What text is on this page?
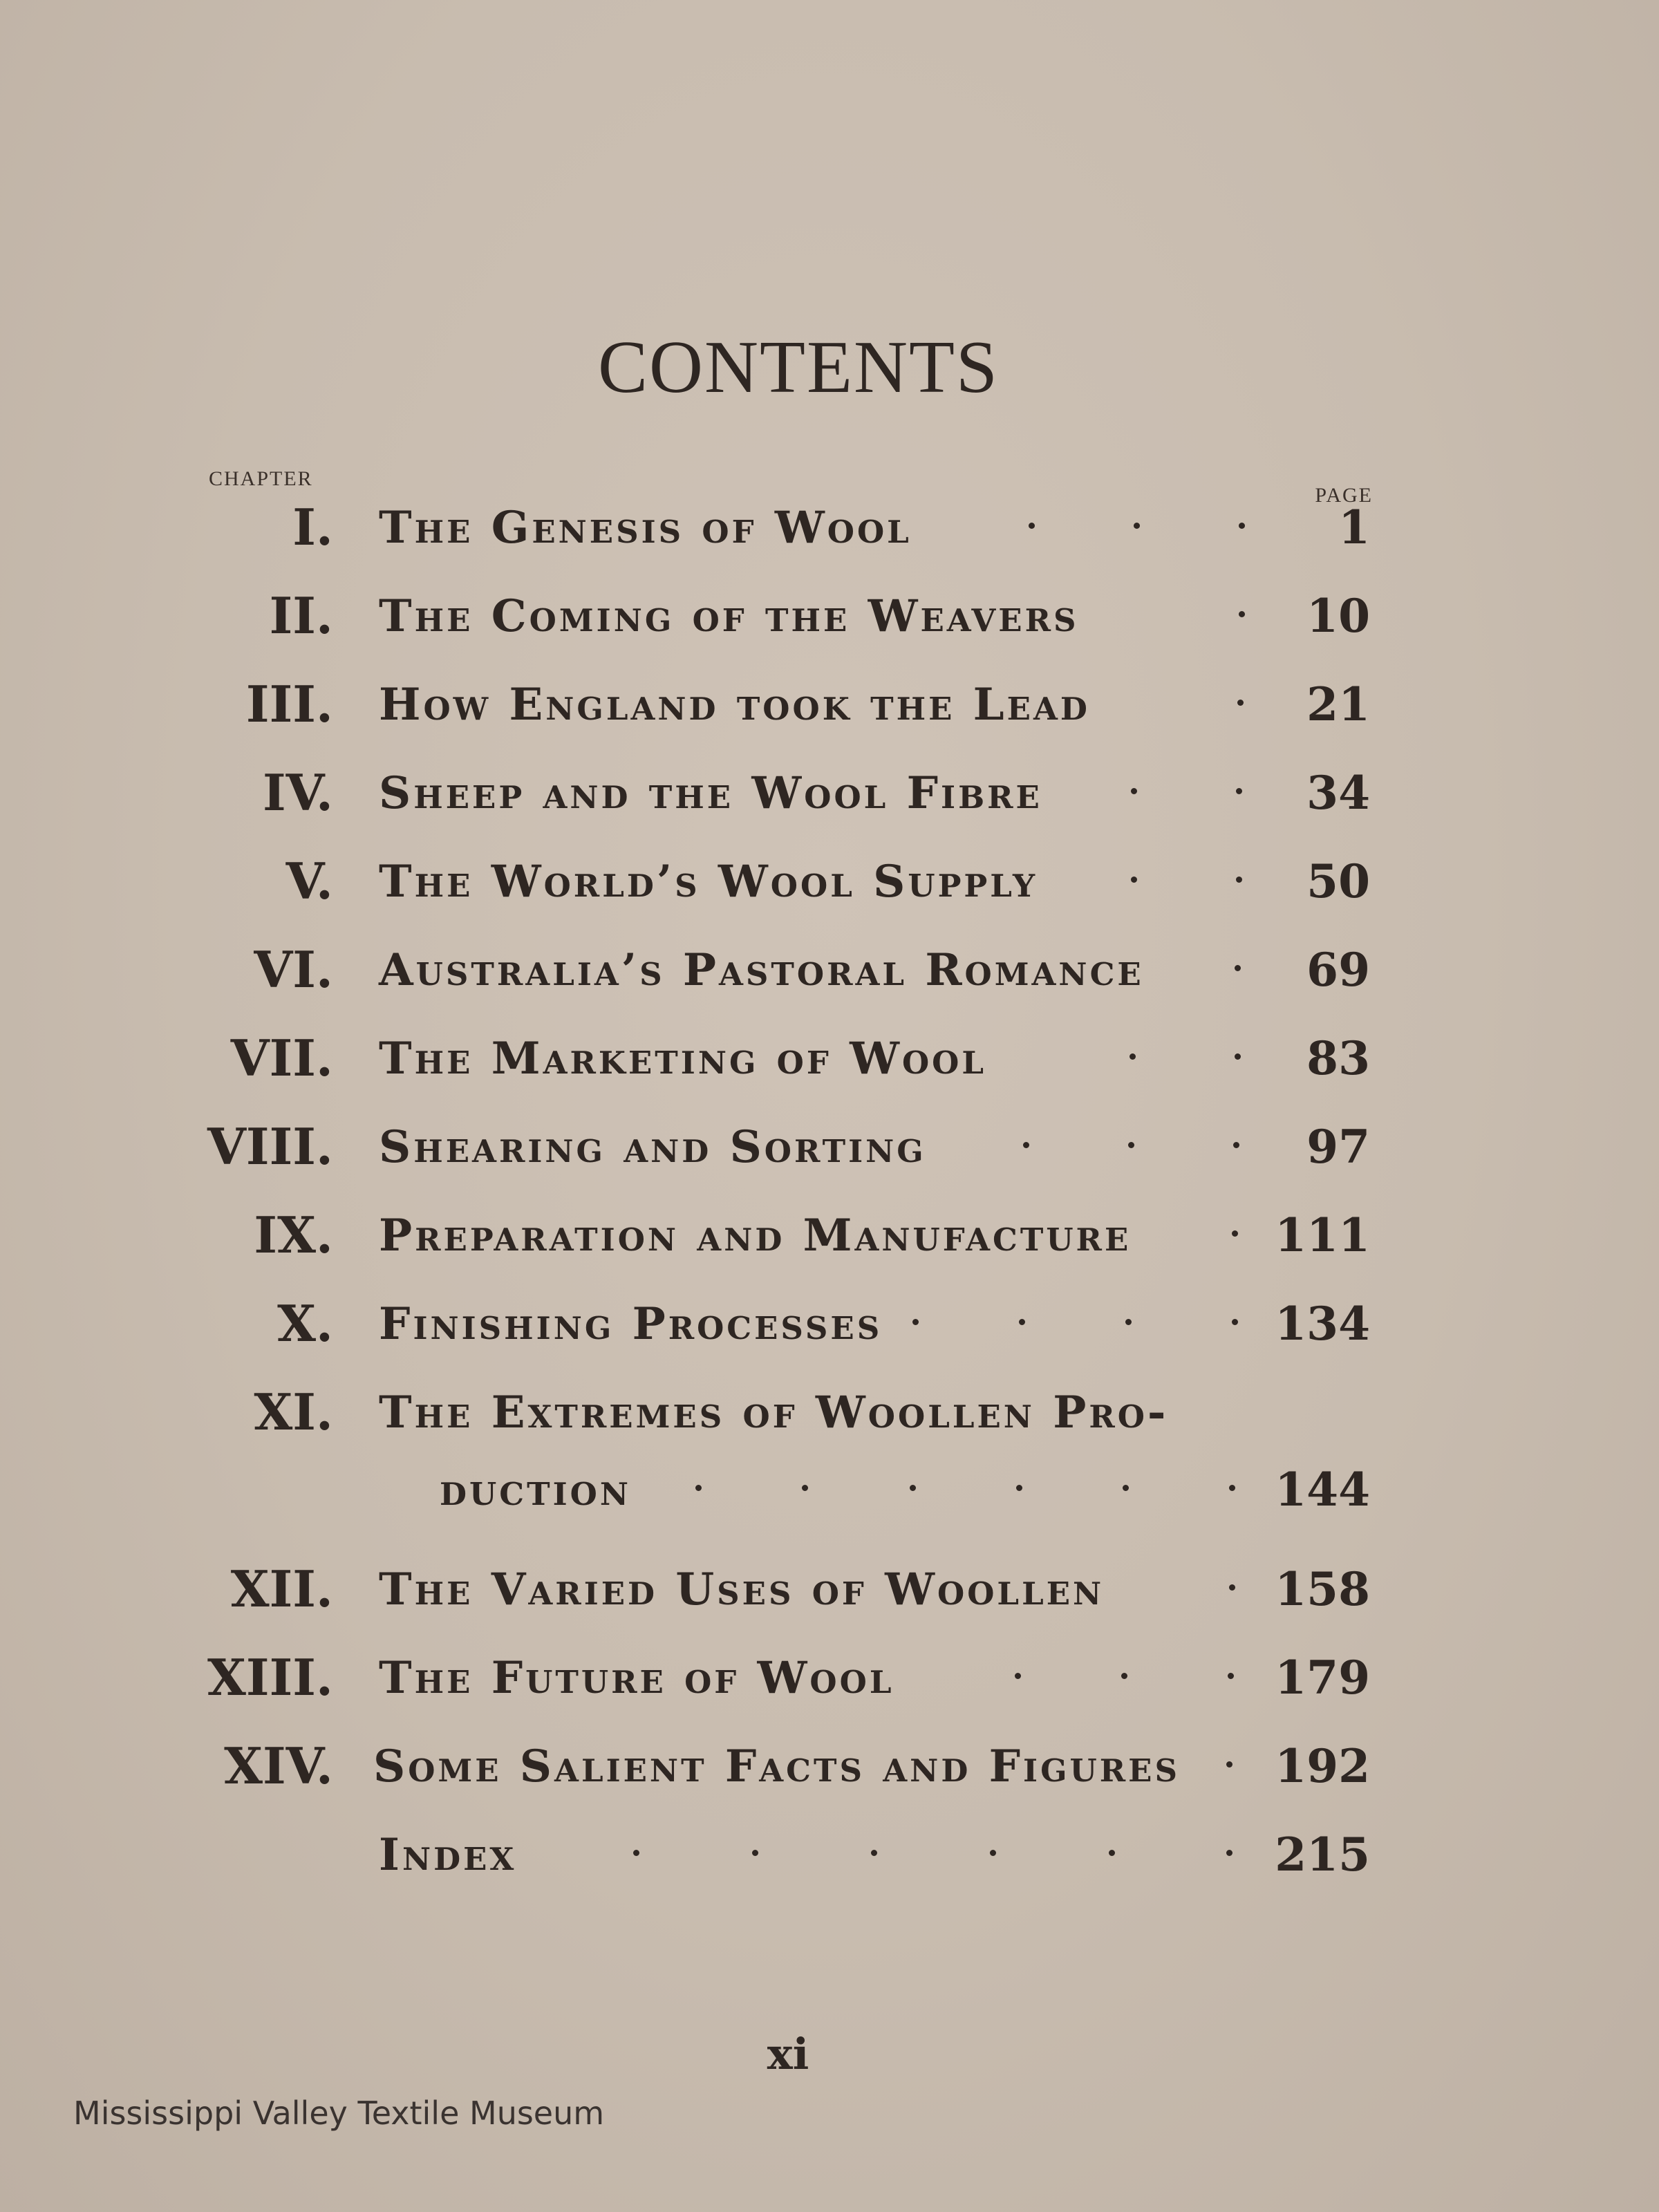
CONTENTS
CHAPTER
PAGE
I. The Genesis of Wool	1
II. The Coming of the Weavers	10
III. How England took the Lead	21
IV. Sheep and the Wool Fibre	34
V. The World’s Wool Supply	50
VI. Australia’s Pastoral Romance	69
VII. The Marketing of Wool	83
VIII. Shearing and Sorting	97
IX. Preparation and Manufacture	111
X. Finishing Processes	134
XI. The Extremes of Woollen Pro-
duction	144
XII. The Varied Uses of Woollen	158
XIII. The Future of Wool	179
XIV. Some Salient Facts and Figures 192
Index	215
xi
Mississippi Valley Textile Museum
